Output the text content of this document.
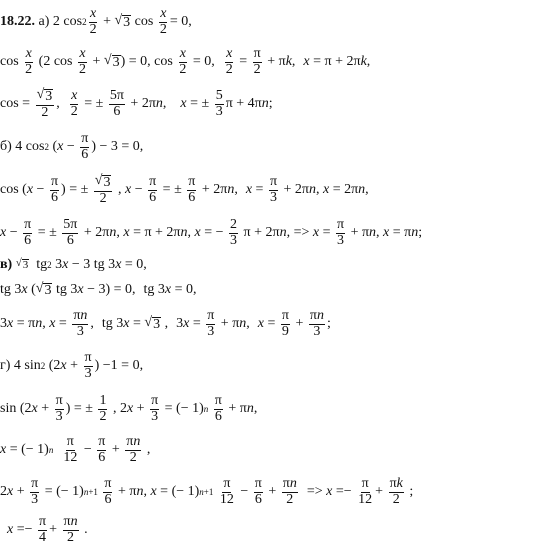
18.22.
а) 2 $\cos 2 \frac{x}{2}$ + √ 3 $\cos \frac{x}{2} = 0$,
$\cos \frac{x}{2} (2$ $\cos \frac{x}{2}$ + √ 3 ) = 0, $\cos \frac{x}{2} = 0$, $\frac{x}{2} = \frac{\pi}{2} + \pi$ k , x = π + 2π k ,
$\cos = \frac{√ 3}{2}$ , $\frac{x}{2}$ = ± $\frac{5\pi}{6} + 2\pi$ n , x = ± $\frac{5}{3}$ π + 4π n ;
б) 4 cos 2 ( $x - \frac{\pi}{6}$ ) − 3 = 0,
cos ( $x - \frac{\pi}{6}$ ) = ± $\frac{√ 3}{2}$ , $x - \frac{\pi}{6}$ = ± $\frac{\pi}{6} + 2\pi$ n , $x = \frac{\pi}{3} + 2\pi$ n , x = 2π n ,
$x - \frac{\pi}{6}$ = ± $\frac{5\pi}{6} + 2\pi$ n , x = π + 2π n , x = − $\frac{2}{3}$ π + 2π n , => $x = \frac{\pi}{3} + \pi$ n , x = π n ;
в)
√ 3 tg 2 3 x − 3 tg 3 x = 0,
tg 3 x ( √ 3 tg 3 x − 3) = 0, tg 3 x = 0,
3 x = π n , $x = \frac{\pi n}{3}$ ,
tg 3 x = √ 3 ,
3 $x = \frac{\pi}{3} + \pi$ n , $x = \frac{\pi}{9} + \frac{\pi n}{3}$ ;
г) 4 sin 2 (2 $x + \frac{\pi}{3}$ ) −1 = 0,
sin (2 $x + \frac{\pi}{3}$ ) = ± $\frac{1}{2}$ , 2 $x + \frac{\pi}{3}$ = (− 1) n
$\frac{\pi}{6} + \pi$ n ,
x = (− 1) n
$\frac{\pi}{12} - \frac{\pi}{6} + \frac{\pi n}{2}$ ,
2 $x + \frac{\pi}{3}$ = (− 1) n+1
$\frac{\pi}{6} + \pi$ n , x = (− 1) n+1
$\frac{\pi}{12} - \frac{\pi}{6} + \frac{\pi n}{2} => x =- \frac{\pi}{12} + \frac{\pi k}{2}$ ;

$x =- \frac{\pi}{4} + \frac{\pi n}{2}$ .
